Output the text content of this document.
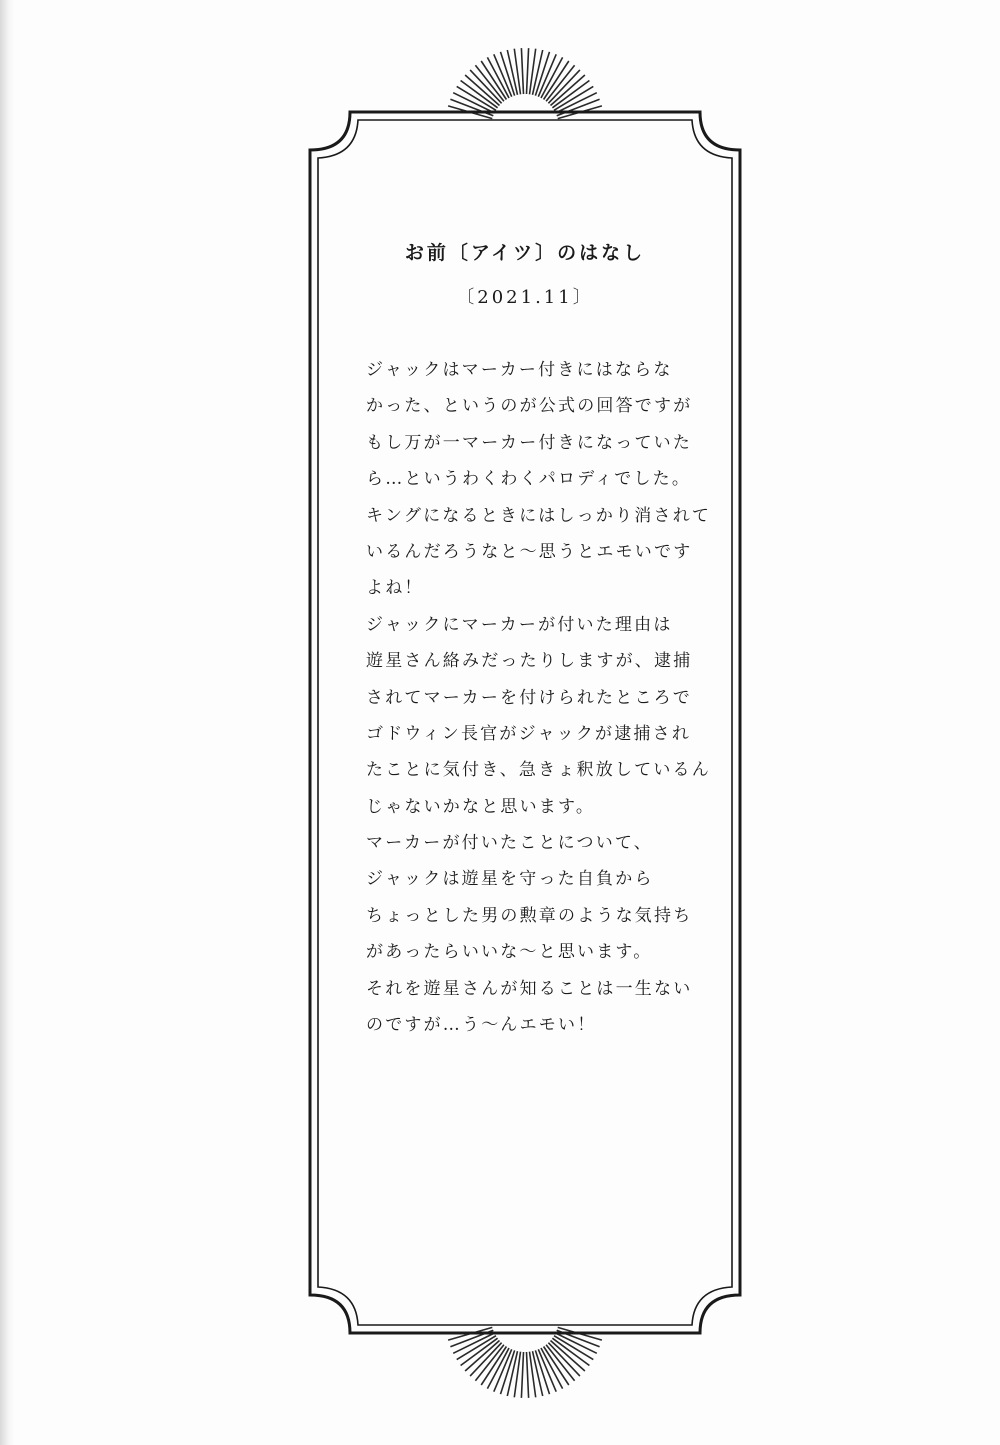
お前〔アイツ〕のはなし

〔2021.11〕

ジャックはマーカー付きにはならな
かった、というのが公式の回答ですが
もし万が一マーカー付きになっていた
ら…というわくわくパロディでした。
キングになるときにはしっかり消されて
いるんだろうなと～思うとエモいです
よね！
ジャックにマーカーが付いた理由は
遊星さん絡みだったりしますが、逮捕
されてマーカーを付けられたところで
ゴドウィン長官がジャックが逮捕され
たことに気付き、急きょ釈放しているん
じゃないかなと思います。
マーカーが付いたことについて、
ジャックは遊星を守った自負から
ちょっとした男の勲章のような気持ち
があったらいいな～と思います。
それを遊星さんが知ることは一生ない
のですが…う～んエモい！
